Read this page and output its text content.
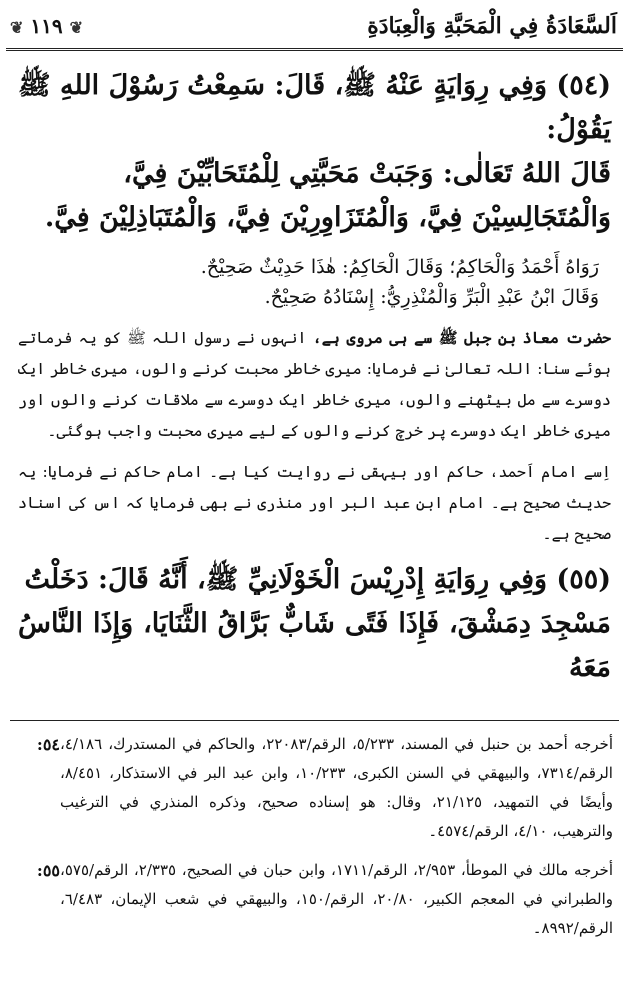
اَلسَّعَادَةُ فِي الْمَحَبَّةِ وَالْعِبَادَةِ
❦ ١١٩ ❦
(٥٤) وَفِي رِوَايَةٍ عَنْهُ ﷺ، قَالَ: سَمِعْتُ رَسُوْلَ اللهِ ﷺ يَقُوْلُ:
قَالَ اللهُ تَعَالٰى: وَجَبَتْ مَحَبَّتِي لِلْمُتَحَابِّيْنَ فِيَّ،
وَالْمُتَجَالِسِيْنَ فِيَّ، وَالْمُتَزَاوِرِيْنَ فِيَّ، وَالْمُتَبَاذِلِيْنَ فِيَّ.
رَوَاهُ أَحْمَدُ وَالْحَاكِمُ؛ وَقَالَ الْحَاكِمُ: هٰذَا حَدِيْثٌ صَحِيْحٌ.
وَقَالَ ابْنُ عَبْدِ الْبَرِّ وَالْمُنْذِرِيُّ: إِسْنَادُهُ صَحِيْحٌ.

حضرت معاذ بن جبل ﷺ سے ہی مروی ہے، انہوں نے رسول اللہ ﷺ کو یہ فرماتے ہوئے سنا: اللہ تعالیٰ نے فرمایا: میری خاطر محبت کرنے والوں، میری خاطر ایک دوسرے سے مل بیٹھنے والوں، میری خاطر ایک دوسرے سے ملاقات کرنے والوں اور میری خاطر ایک دوسرے پر خرچ کرنے والوں کے لیے میری محبت واجب ہوگئی۔

اِسے امام اَحمد، حاکم اور بیہقی نے روایت کیا ہے۔ امام حاکم نے فرمایا: یہ حدیث صحیح ہے۔ امام ابن عبد البر اور منذری نے بھی فرمایا کہ اس کی اسناد صحیح ہے۔

(٥٥) وَفِي رِوَايَةِ إِدْرِيْسَ الْخَوْلَانِيِّ ﷺ، أَنَّهُ قَالَ: دَخَلْتُ
مَسْجِدَ دِمَشْقَ، فَإِذَا فَتًى شَابٌّ بَرَّاقُ الثَّنَايَا، وَإِذَا النَّاسُ مَعَهُ
أخرجه أحمد بن حنبل في المسند، ٥/٢٣٣، الرقم/٢٢٠٨٣، والحاكم في المستدرك، ٤/١٨٦، الرقم/٧٣١٤، والبيهقي في السنن الكبرى، ١٠/٢٣٣، وابن عبد البر في الاستذكار، ٨/٤٥١، وأيضًا في التمهيد، ٢١/١٢٥، وقال: هو إسناده صحيح، وذكره المنذري في الترغيب والترهيب، ٤/١٠، الرقم/٤٥٧٤۔
٥٤:
أخرجه مالك في الموطأ، ٢/٩٥٣، الرقم/١٧١١، وابن حبان في الصحيح، ٢/٣٣٥، الرقم/٥٧٥، والطبراني في المعجم الكبير، ٢٠/٨٠، الرقم/١٥٠، والبيهقي في شعب الإيمان، ٦/٤٨٣، الرقم/٨٩٩٢۔
٥٥:
